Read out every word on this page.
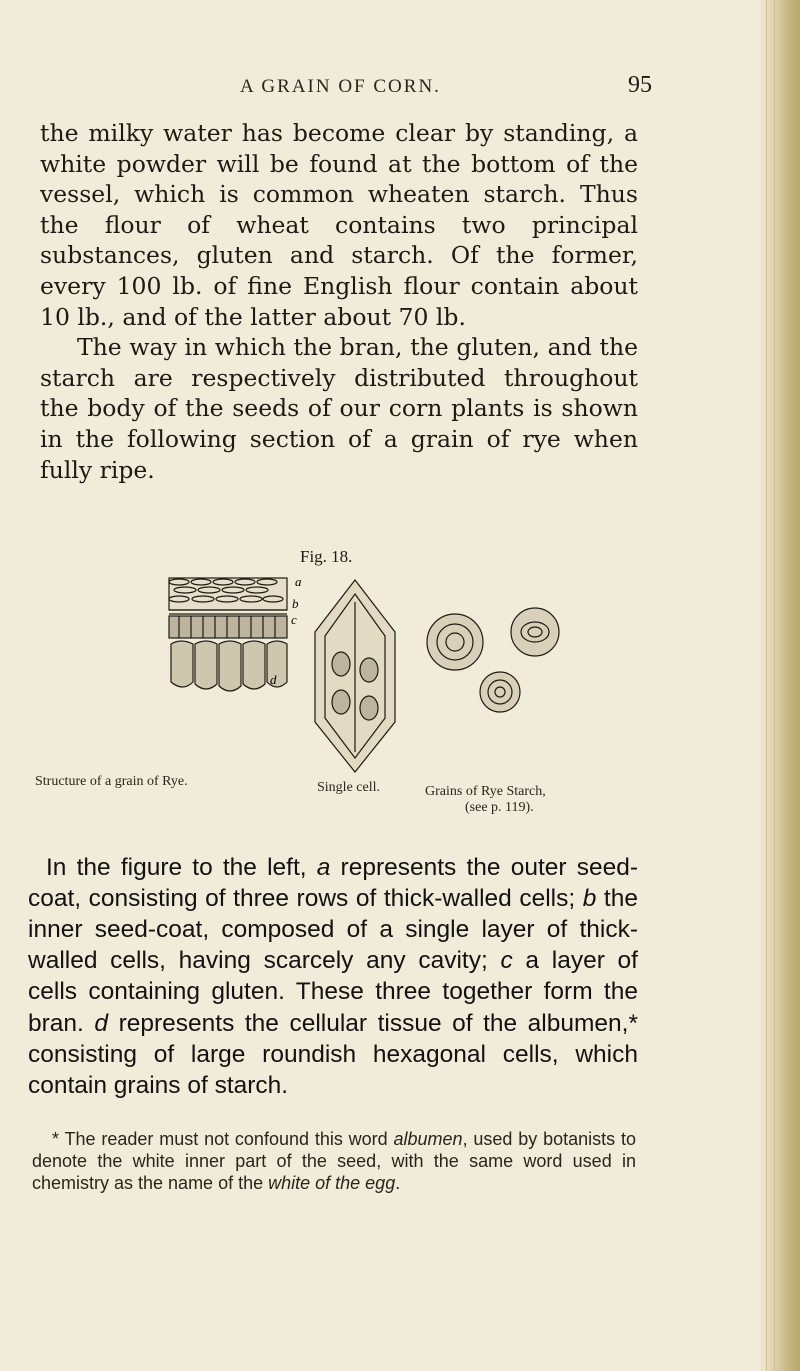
A GRAIN OF CORN.	95

the milky water has become clear by standing, a white powder will be found at the bottom of the vessel, which is common wheaten starch. Thus the flour of wheat contains two principal substances, gluten and starch. Of the former, every 100 lb. of fine English flour contain about 10 lb., and of the latter about 70 lb.

The way in which the bran, the gluten, and the starch are respectively distributed throughout the body of the seeds of our corn plants is shown in the following section of a grain of rye when fully ripe.

Fig. 18.
a
b
c
d
Structure of a grain of Rye.	Single cell.	Grains of Rye Starch,
(see p. 119).

In the figure to the left, a represents the outer seed-coat, consisting of three rows of thick-walled cells; b the inner seed-coat, composed of a single layer of thick-walled cells, having scarcely any cavity; c a layer of cells containing gluten. These three together form the bran. d represents the cellular tissue of the albumen,* consisting of large roundish hexagonal cells, which contain grains of starch.

* The reader must not confound this word albumen, used by botanists to denote the white inner part of the seed, with the same word used in chemistry as the name of the white of the egg.
